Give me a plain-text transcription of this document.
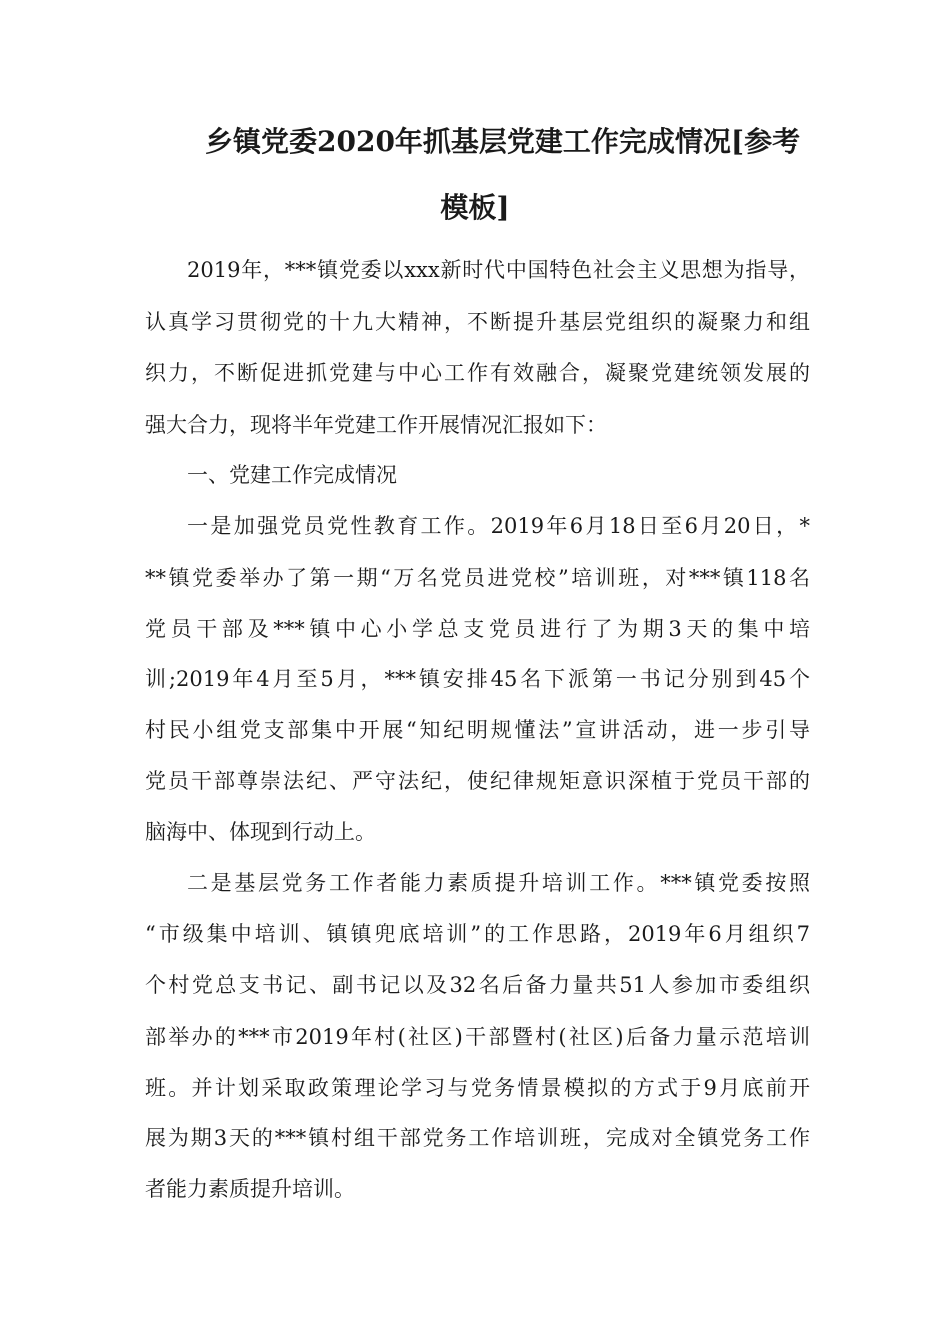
乡镇党委2020年抓基层党建工作完成情况[参考
模板]
2019年，***镇党委以xxx新时代中国特色社会主义思想为指导，
认真学习贯彻党的十九大精神，不断提升基层党组织的凝聚力和组
织力，不断促进抓党建与中心工作有效融合，凝聚党建统领发展的
强大合力，现将半年党建工作开展情况汇报如下：
一、党建工作完成情况
一是加强党员党性教育工作。2019年6月18日至6月20日，*
**镇党委举办了第一期“万名党员进党校”培训班，对***镇118名
党员干部及***镇中心小学总支党员进行了为期3天的集中培
训;2019年4月至5月，***镇安排45名下派第一书记分别到45个
村民小组党支部集中开展“知纪明规懂法”宣讲活动，进一步引导
党员干部尊崇法纪、严守法纪，使纪律规矩意识深植于党员干部的
脑海中、体现到行动上。
二是基层党务工作者能力素质提升培训工作。***镇党委按照
“市级集中培训、镇镇兜底培训”的工作思路，2019年6月组织7
个村党总支书记、副书记以及32名后备力量共51人参加市委组织
部举办的***市2019年村(社区)干部暨村(社区)后备力量示范培训
班。并计划采取政策理论学习与党务情景模拟的方式于9月底前开
展为期3天的***镇村组干部党务工作培训班，完成对全镇党务工作
者能力素质提升培训。
